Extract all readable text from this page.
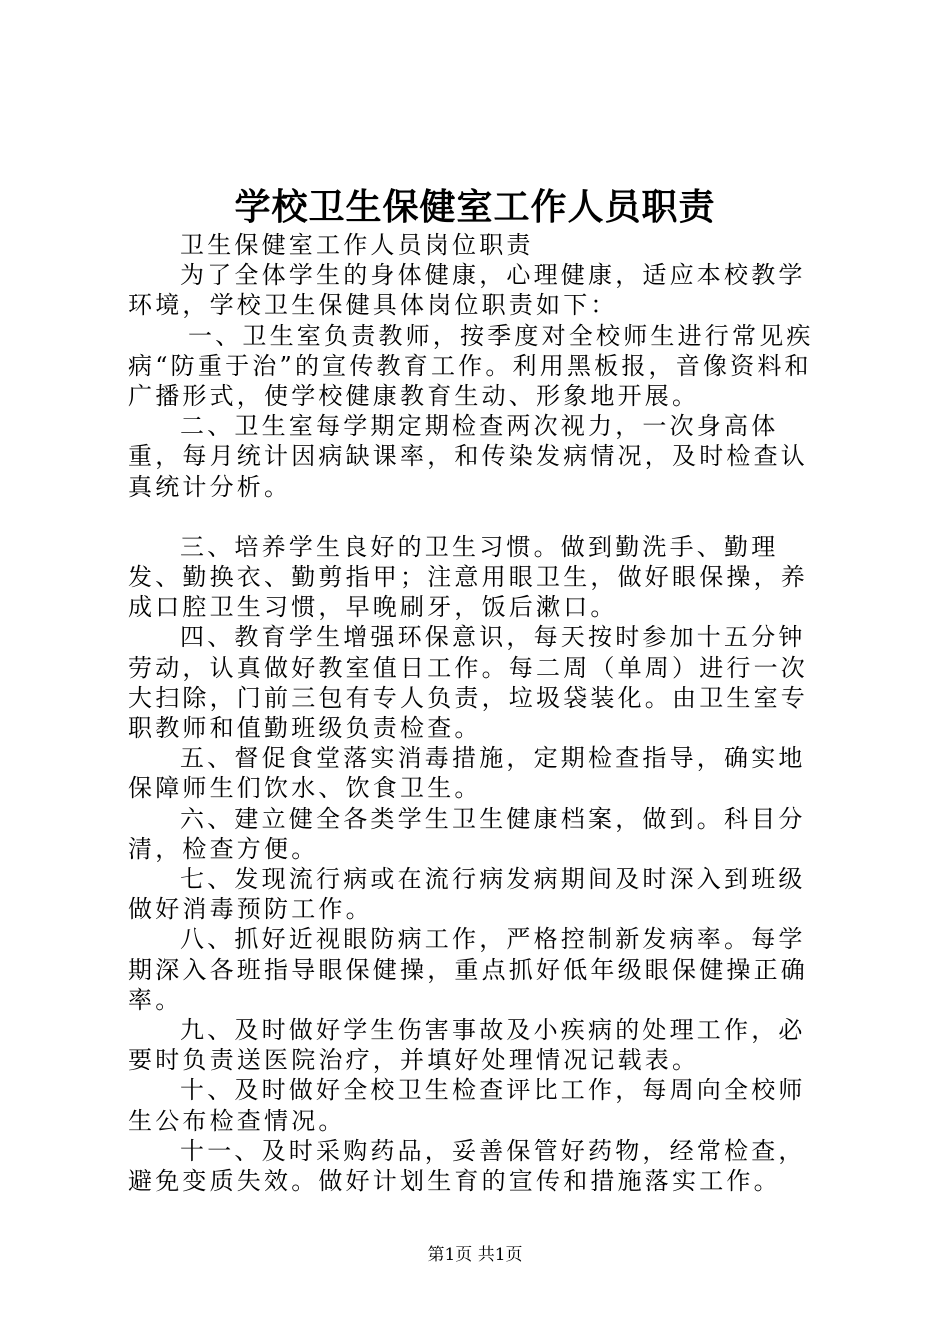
学校卫生保健室工作人员职责

卫生保健室工作人员岗位职责

为了全体学生的身体健康，心理健康，适应本校教学环境，学校卫生保健具体岗位职责如下：

一、卫生室负责教师，按季度对全校师生进行常见疾病“防重于治”的宣传教育工作。利用黑板报，音像资料和广播形式，使学校健康教育生动、形象地开展。

二、卫生室每学期定期检查两次视力，一次身高体重，每月统计因病缺课率，和传染发病情况，及时检查认真统计分析。

三、培养学生良好的卫生习惯。做到勤洗手、勤理发、勤换衣、勤剪指甲；注意用眼卫生，做好眼保操，养成口腔卫生习惯，早晚刷牙，饭后漱口。

四、教育学生增强环保意识，每天按时参加十五分钟劳动，认真做好教室值日工作。每二周（单周）进行一次大扫除，门前三包有专人负责，垃圾袋装化。由卫生室专职教师和值勤班级负责检查。

五、督促食堂落实消毒措施，定期检查指导，确实地保障师生们饮水、饮食卫生。

六、建立健全各类学生卫生健康档案，做到。科目分清，检查方便。

七、发现流行病或在流行病发病期间及时深入到班级做好消毒预防工作。

八、抓好近视眼防病工作，严格控制新发病率。每学期深入各班指导眼保健操，重点抓好低年级眼保健操正确率。

九、及时做好学生伤害事故及小疾病的处理工作，必要时负责送医院治疗，并填好处理情况记载表。

十、及时做好全校卫生检查评比工作，每周向全校师生公布检查情况。

十一、及时采购药品，妥善保管好药物，经常检查，避免变质失效。做好计划生育的宣传和措施落实工作。

第1页 共1页
